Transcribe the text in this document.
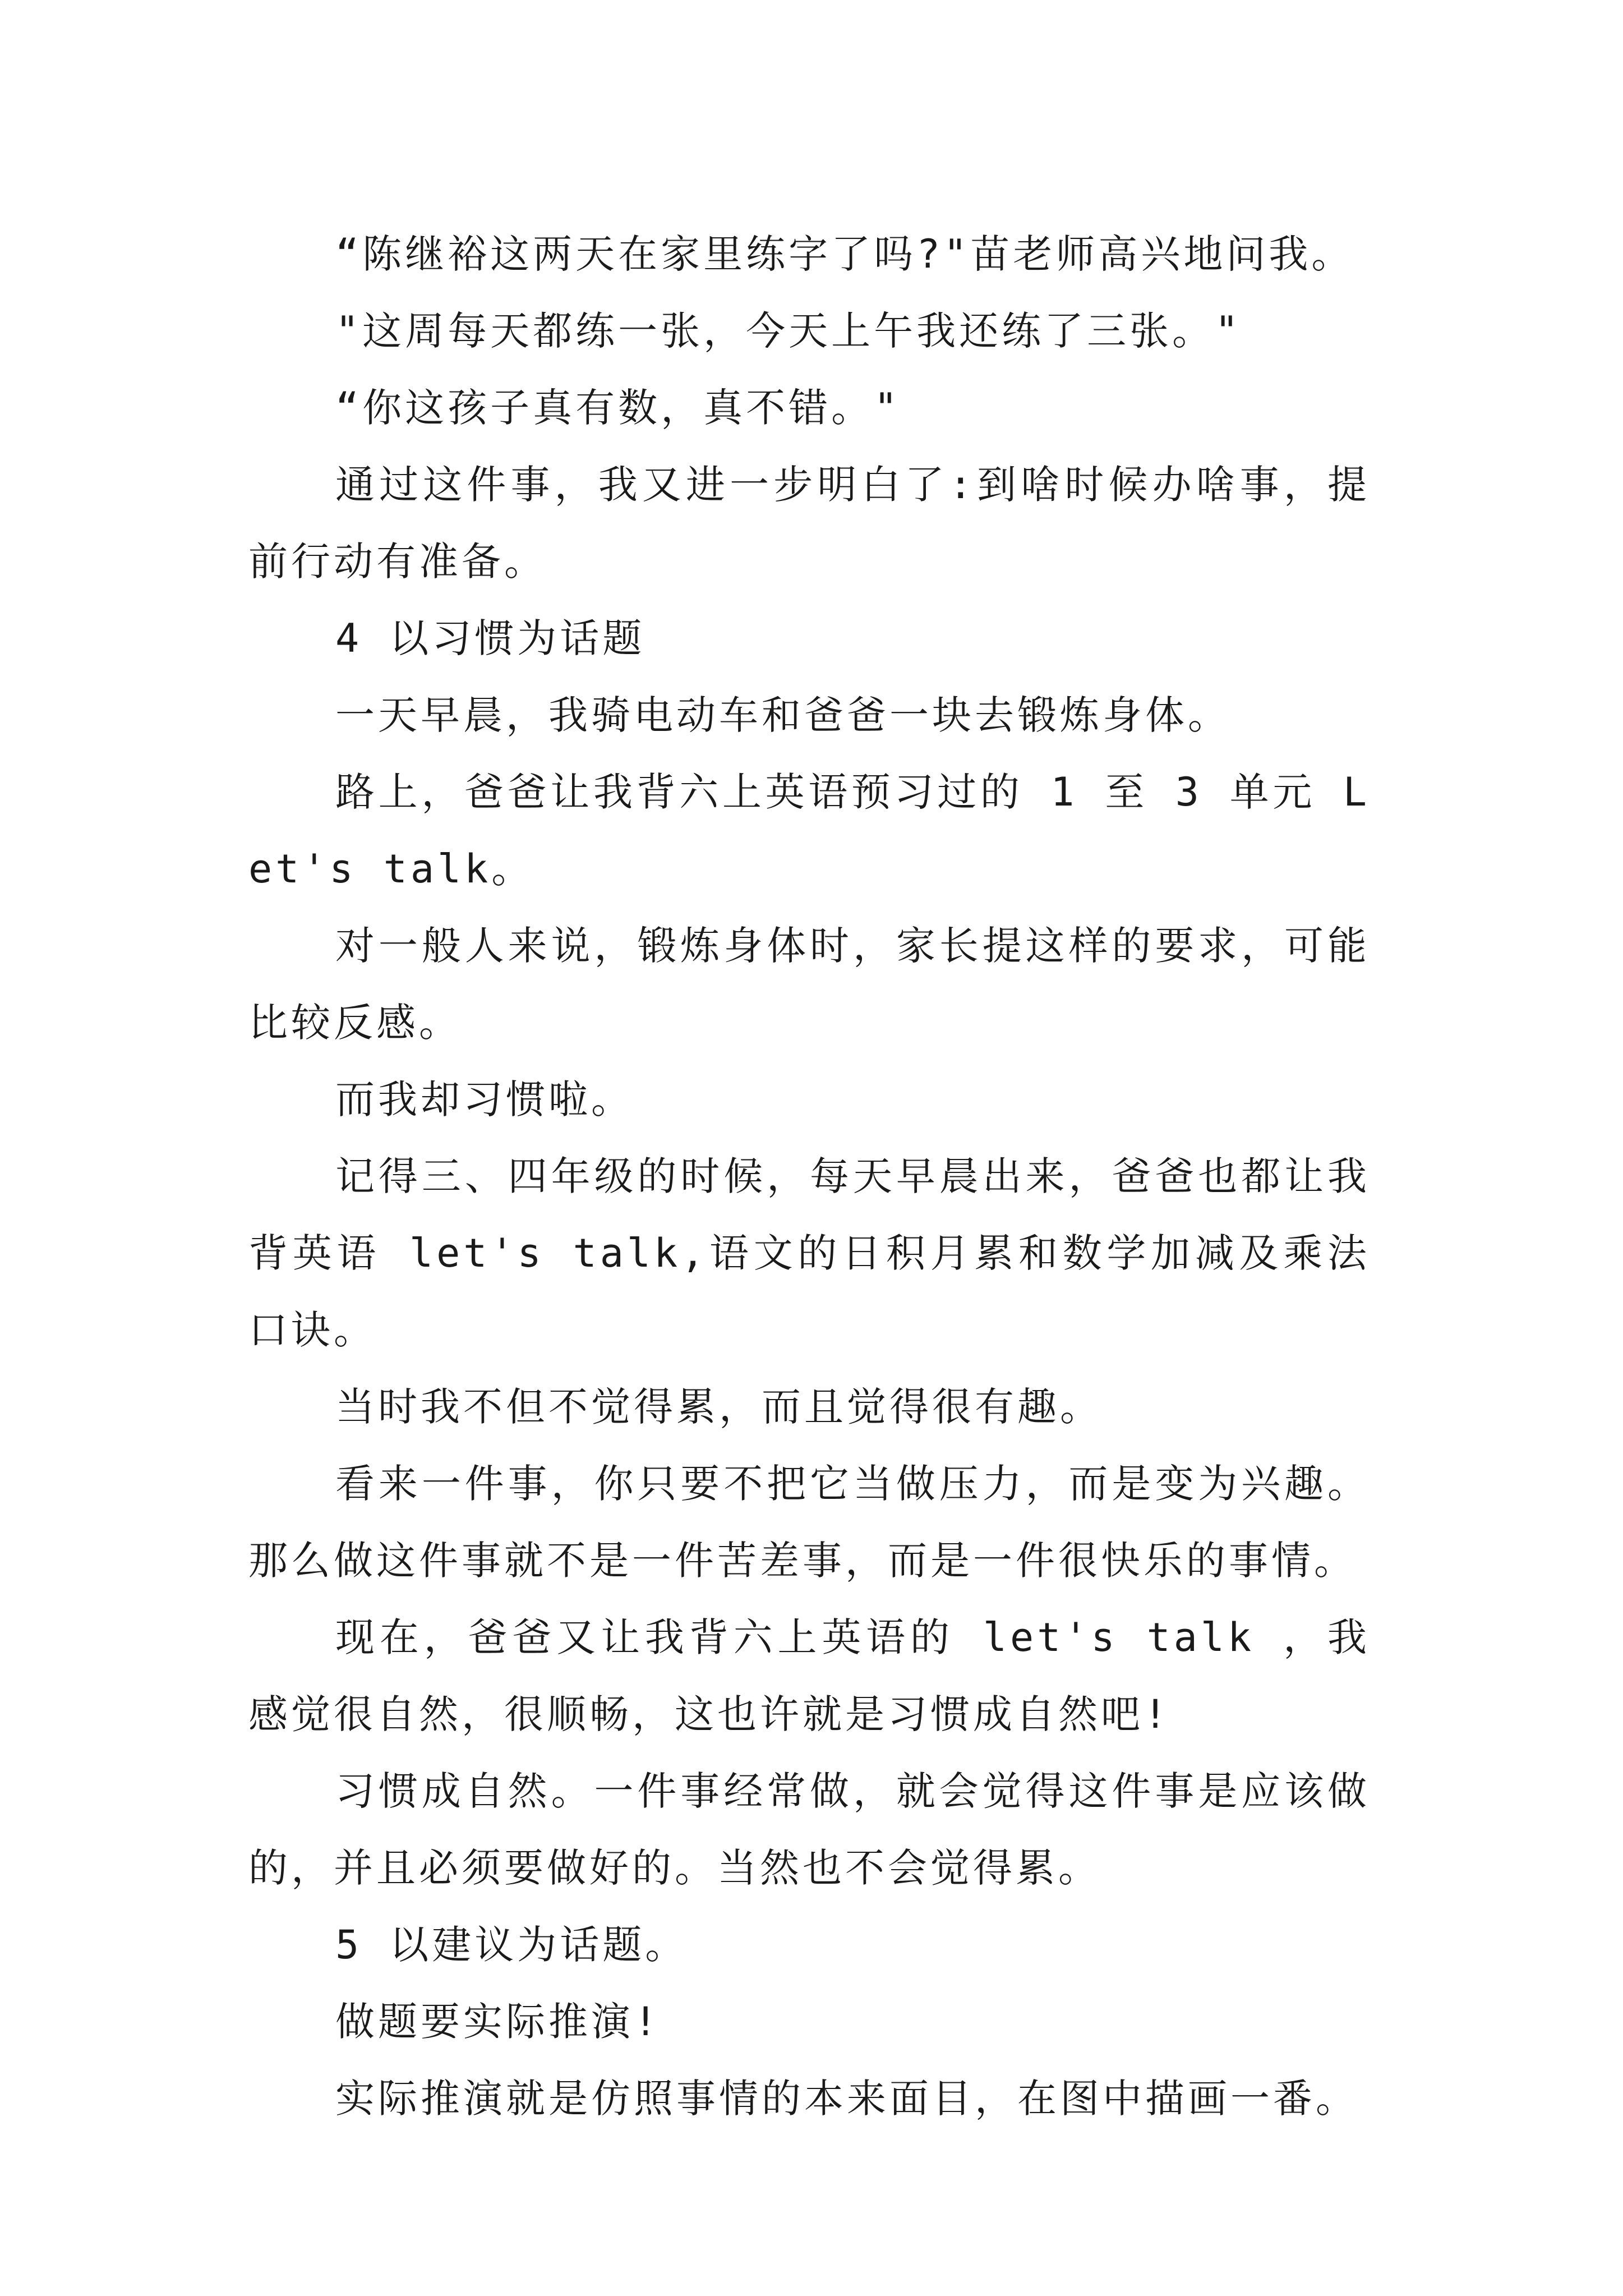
“陈继裕这两天在家里练字了吗?"苗老师高兴地问我。

"这周每天都练一张，今天上午我还练了三张。"

“你这孩子真有数，真不错。"

通过这件事，我又进一步明白了:到啥时候办啥事，提前行动有准备。

4 以习惯为话题

一天早晨，我骑电动车和爸爸一块去锻炼身体。

路上，爸爸让我背六上英语预习过的 1 至 3 单元 Let's talk。

对一般人来说，锻炼身体时，家长提这样的要求，可能比较反感。

而我却习惯啦。

记得三、四年级的时候，每天早晨出来，爸爸也都让我背英语 let's talk,语文的日积月累和数学加减及乘法口诀。

当时我不但不觉得累，而且觉得很有趣。

看来一件事，你只要不把它当做压力，而是变为兴趣。那么做这件事就不是一件苦差事，而是一件很快乐的事情。

现在，爸爸又让我背六上英语的 let's talk ，我感觉很自然，很顺畅，这也许就是习惯成自然吧!

习惯成自然。一件事经常做，就会觉得这件事是应该做的，并且必须要做好的。当然也不会觉得累。

5 以建议为话题。

做题要实际推演!

实际推演就是仿照事情的本来面目，在图中描画一番。
